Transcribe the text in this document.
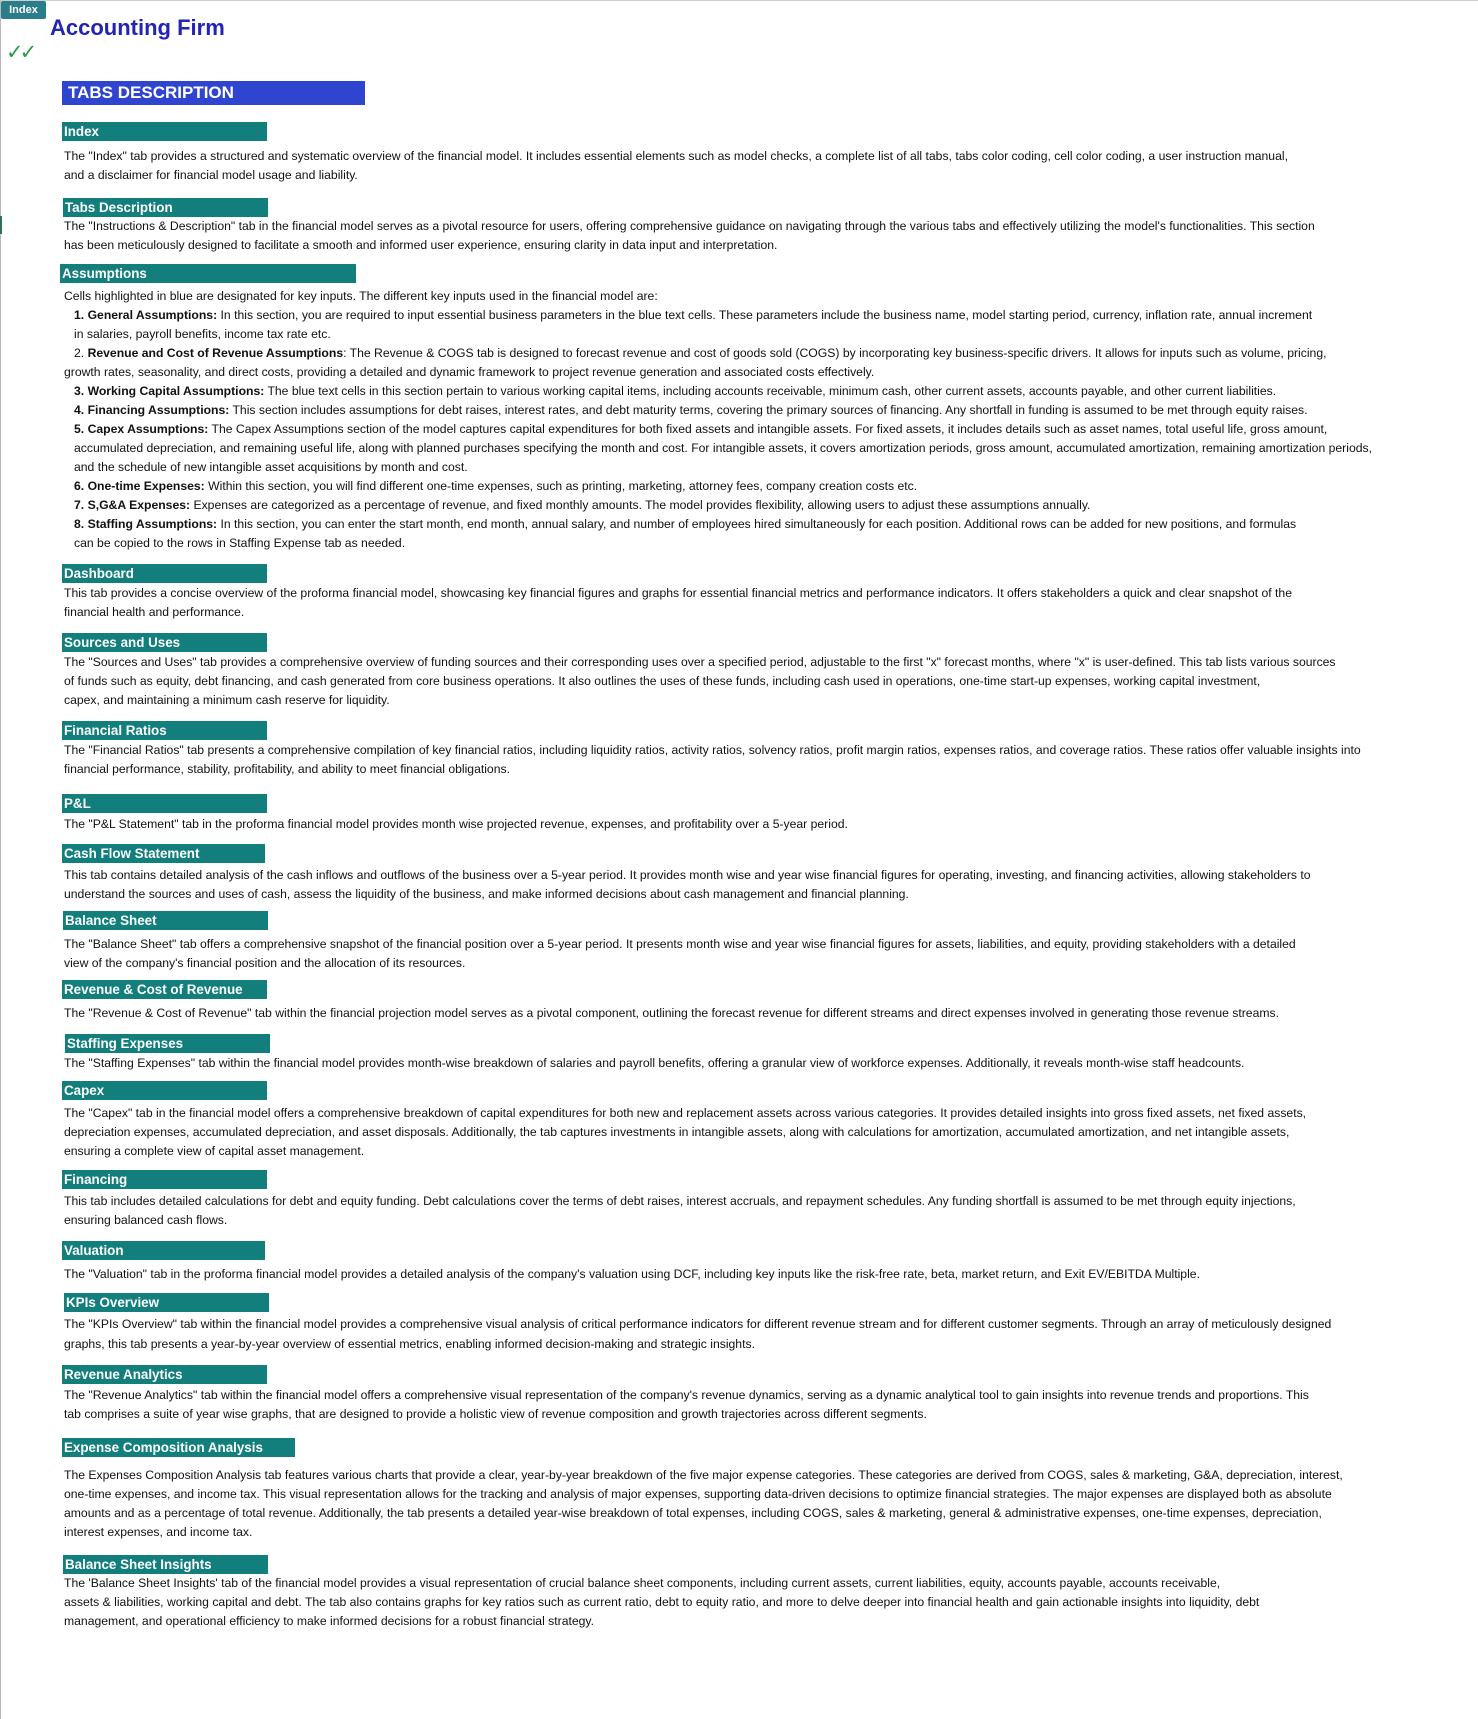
Index
Accounting Firm
✓✓
TABS DESCRIPTION
Index
The "Index" tab provides a structured and systematic overview of the financial model. It includes essential elements such as model checks, a complete list of all tabs, tabs color coding, cell color coding, a user instruction manual,
and a disclaimer for financial model usage and liability.
Tabs Description
The "Instructions & Description" tab in the financial model serves as a pivotal resource for users, offering comprehensive guidance on navigating through the various tabs and effectively utilizing the model's functionalities. This section
has been meticulously designed to facilitate a smooth and informed user experience, ensuring clarity in data input and interpretation.
Assumptions
Cells highlighted in blue are designated for key inputs. The different key inputs used in the financial model are:
1. General Assumptions: In this section, you are required to input essential business parameters in the blue text cells. These parameters include the business name, model starting period, currency, inflation rate, annual increment
in salaries, payroll benefits, income tax rate etc.
2. Revenue and Cost of Revenue Assumptions: The Revenue & COGS tab is designed to forecast revenue and cost of goods sold (COGS) by incorporating key business-specific drivers. It allows for inputs such as volume, pricing,
growth rates, seasonality, and direct costs, providing a detailed and dynamic framework to project revenue generation and associated costs effectively.
3. Working Capital Assumptions: The blue text cells in this section pertain to various working capital items, including accounts receivable, minimum cash, other current assets, accounts payable, and other current liabilities.
4. Financing Assumptions: This section includes assumptions for debt raises, interest rates, and debt maturity terms, covering the primary sources of financing. Any shortfall in funding is assumed to be met through equity raises.
5. Capex Assumptions: The Capex Assumptions section of the model captures capital expenditures for both fixed assets and intangible assets. For fixed assets, it includes details such as asset names, total useful life, gross amount,
accumulated depreciation, and remaining useful life, along with planned purchases specifying the month and cost. For intangible assets, it covers amortization periods, gross amount, accumulated amortization, remaining amortization periods,
and the schedule of new intangible asset acquisitions by month and cost.
6. One-time Expenses: Within this section, you will find different one-time expenses, such as printing, marketing, attorney fees, company creation costs etc.
7. S,G&A Expenses: Expenses are categorized as a percentage of revenue, and fixed monthly amounts. The model provides flexibility, allowing users to adjust these assumptions annually.
8. Staffing Assumptions: In this section, you can enter the start month, end month, annual salary, and number of employees hired simultaneously for each position. Additional rows can be added for new positions, and formulas
can be copied to the rows in Staffing Expense tab as needed.
Dashboard
This tab provides a concise overview of the proforma financial model, showcasing key financial figures and graphs for essential financial metrics and performance indicators. It offers stakeholders a quick and clear snapshot of the
financial health and performance.
Sources and Uses
The "Sources and Uses" tab provides a comprehensive overview of funding sources and their corresponding uses over a specified period, adjustable to the first "x" forecast months, where "x" is user-defined. This tab lists various sources
of funds such as equity, debt financing, and cash generated from core business operations. It also outlines the uses of these funds, including cash used in operations, one-time start-up expenses, working capital investment,
capex, and maintaining a minimum cash reserve for liquidity.
Financial Ratios
The "Financial Ratios" tab presents a comprehensive compilation of key financial ratios, including liquidity ratios, activity ratios, solvency ratios, profit margin ratios, expenses ratios, and coverage ratios. These ratios offer valuable insights into
financial performance, stability, profitability, and ability to meet financial obligations.
P&L
The "P&L Statement" tab in the proforma financial model provides month wise projected revenue, expenses, and profitability over a 5-year period.
Cash Flow Statement
This tab contains detailed analysis of the cash inflows and outflows of the business over a 5-year period. It provides month wise and year wise financial figures for operating, investing, and financing activities, allowing stakeholders to
understand the sources and uses of cash, assess the liquidity of the business, and make informed decisions about cash management and financial planning.
Balance Sheet
The "Balance Sheet" tab offers a comprehensive snapshot of the financial position over a 5-year period. It presents month wise and year wise financial figures for assets, liabilities, and equity, providing stakeholders with a detailed
view of the company's financial position and the allocation of its resources.
Revenue & Cost of Revenue
The "Revenue & Cost of Revenue" tab within the financial projection model serves as a pivotal component, outlining the forecast revenue for different streams and direct expenses involved in generating those revenue streams.
Staffing Expenses
The "Staffing Expenses" tab within the financial model provides month-wise breakdown of salaries and payroll benefits, offering a granular view of workforce expenses. Additionally, it reveals month-wise staff headcounts.
Capex
The "Capex" tab in the financial model offers a comprehensive breakdown of capital expenditures for both new and replacement assets across various categories. It provides detailed insights into gross fixed assets, net fixed assets,
depreciation expenses, accumulated depreciation, and asset disposals. Additionally, the tab captures investments in intangible assets, along with calculations for amortization, accumulated amortization, and net intangible assets,
ensuring a complete view of capital asset management.
Financing
This tab includes detailed calculations for debt and equity funding. Debt calculations cover the terms of debt raises, interest accruals, and repayment schedules. Any funding shortfall is assumed to be met through equity injections,
ensuring balanced cash flows.
Valuation
The "Valuation" tab in the proforma financial model provides a detailed analysis of the company's valuation using DCF, including key inputs like the risk-free rate, beta, market return, and Exit EV/EBITDA Multiple.
KPIs Overview
The "KPIs Overview" tab within the financial model provides a comprehensive visual analysis of critical performance indicators for different revenue stream and for different customer segments. Through an array of meticulously designed
graphs, this tab presents a year-by-year overview of essential metrics, enabling informed decision-making and strategic insights.
Revenue Analytics
The "Revenue Analytics" tab within the financial model offers a comprehensive visual representation of the company's revenue dynamics, serving as a dynamic analytical tool to gain insights into revenue trends and proportions. This
tab comprises a suite of year wise graphs, that are designed to provide a holistic view of revenue composition and growth trajectories across different segments.
Expense Composition Analysis
The Expenses Composition Analysis tab features various charts that provide a clear, year-by-year breakdown of the five major expense categories. These categories are derived from COGS, sales & marketing, G&A, depreciation, interest,
one-time expenses, and income tax. This visual representation allows for the tracking and analysis of major expenses, supporting data-driven decisions to optimize financial strategies. The major expenses are displayed both as absolute
amounts and as a percentage of total revenue. Additionally, the tab presents a detailed year-wise breakdown of total expenses, including COGS, sales & marketing, general & administrative expenses, one-time expenses, depreciation,
interest expenses, and income tax.
Balance Sheet Insights
The 'Balance Sheet Insights' tab of the financial model provides a visual representation of crucial balance sheet components, including current assets, current liabilities, equity, accounts payable, accounts receivable,
assets & liabilities, working capital and debt. The tab also contains graphs for key ratios such as current ratio, debt to equity ratio, and more to delve deeper into financial health and gain actionable insights into liquidity, debt
management, and operational efficiency to make informed decisions for a robust financial strategy.
